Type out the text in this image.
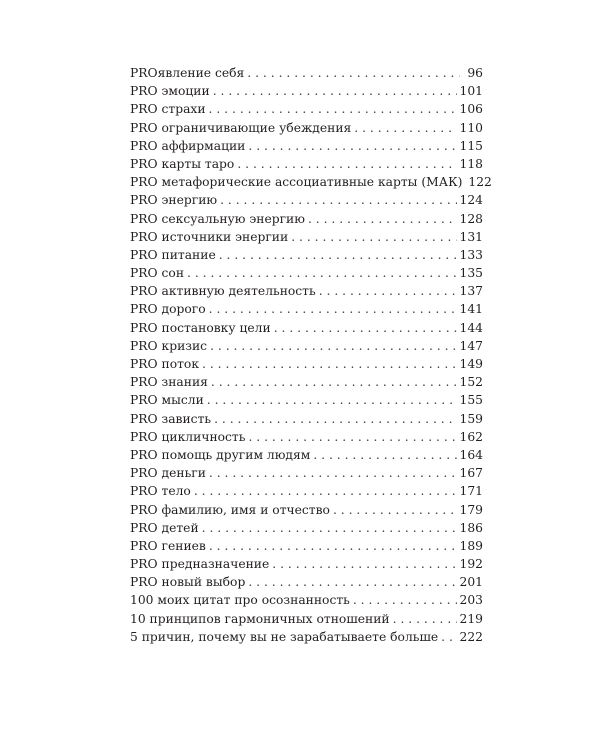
PROявление себя . . .	96
PRO эмоции . . .	101
PRO страхи . . .	106
PRO ограничивающие убеждения . . .	110
PRO аффирмации . . .	115
PRO карты таро . . .	118
PRO метафорические ассоциативные карты (МАК) 122
PRO энергию . . .	124
PRO сексуальную энергию . . .	128
PRO источники энергии . . .	131
PRO питание . . .	133
PRO сон . . .	135
PRO активную деятельность . . .	137
PRO дорого . . .	141
PRO постановку цели . . .	144
PRO кризис . . .	147
PRO поток . . .	149
PRO знания . . .	152
PRO мысли . . .	155
PRO зависть . . .	159
PRO цикличность . . .	162
PRO помощь другим людям . . .	164
PRO деньги . . .	167
PRO тело . . .	171
PRO фамилию, имя и отчество . . .	179
PRO детей . . .	186
PRO гениев . . .	189
PRO предназначение . . .	192
PRO новый выбор . . .	201
100 моих цитат про осознанность . . .	203
10 принципов гармоничных отношений . . .	219
5 причин, почему вы не зарабатываете больше . . . 222
